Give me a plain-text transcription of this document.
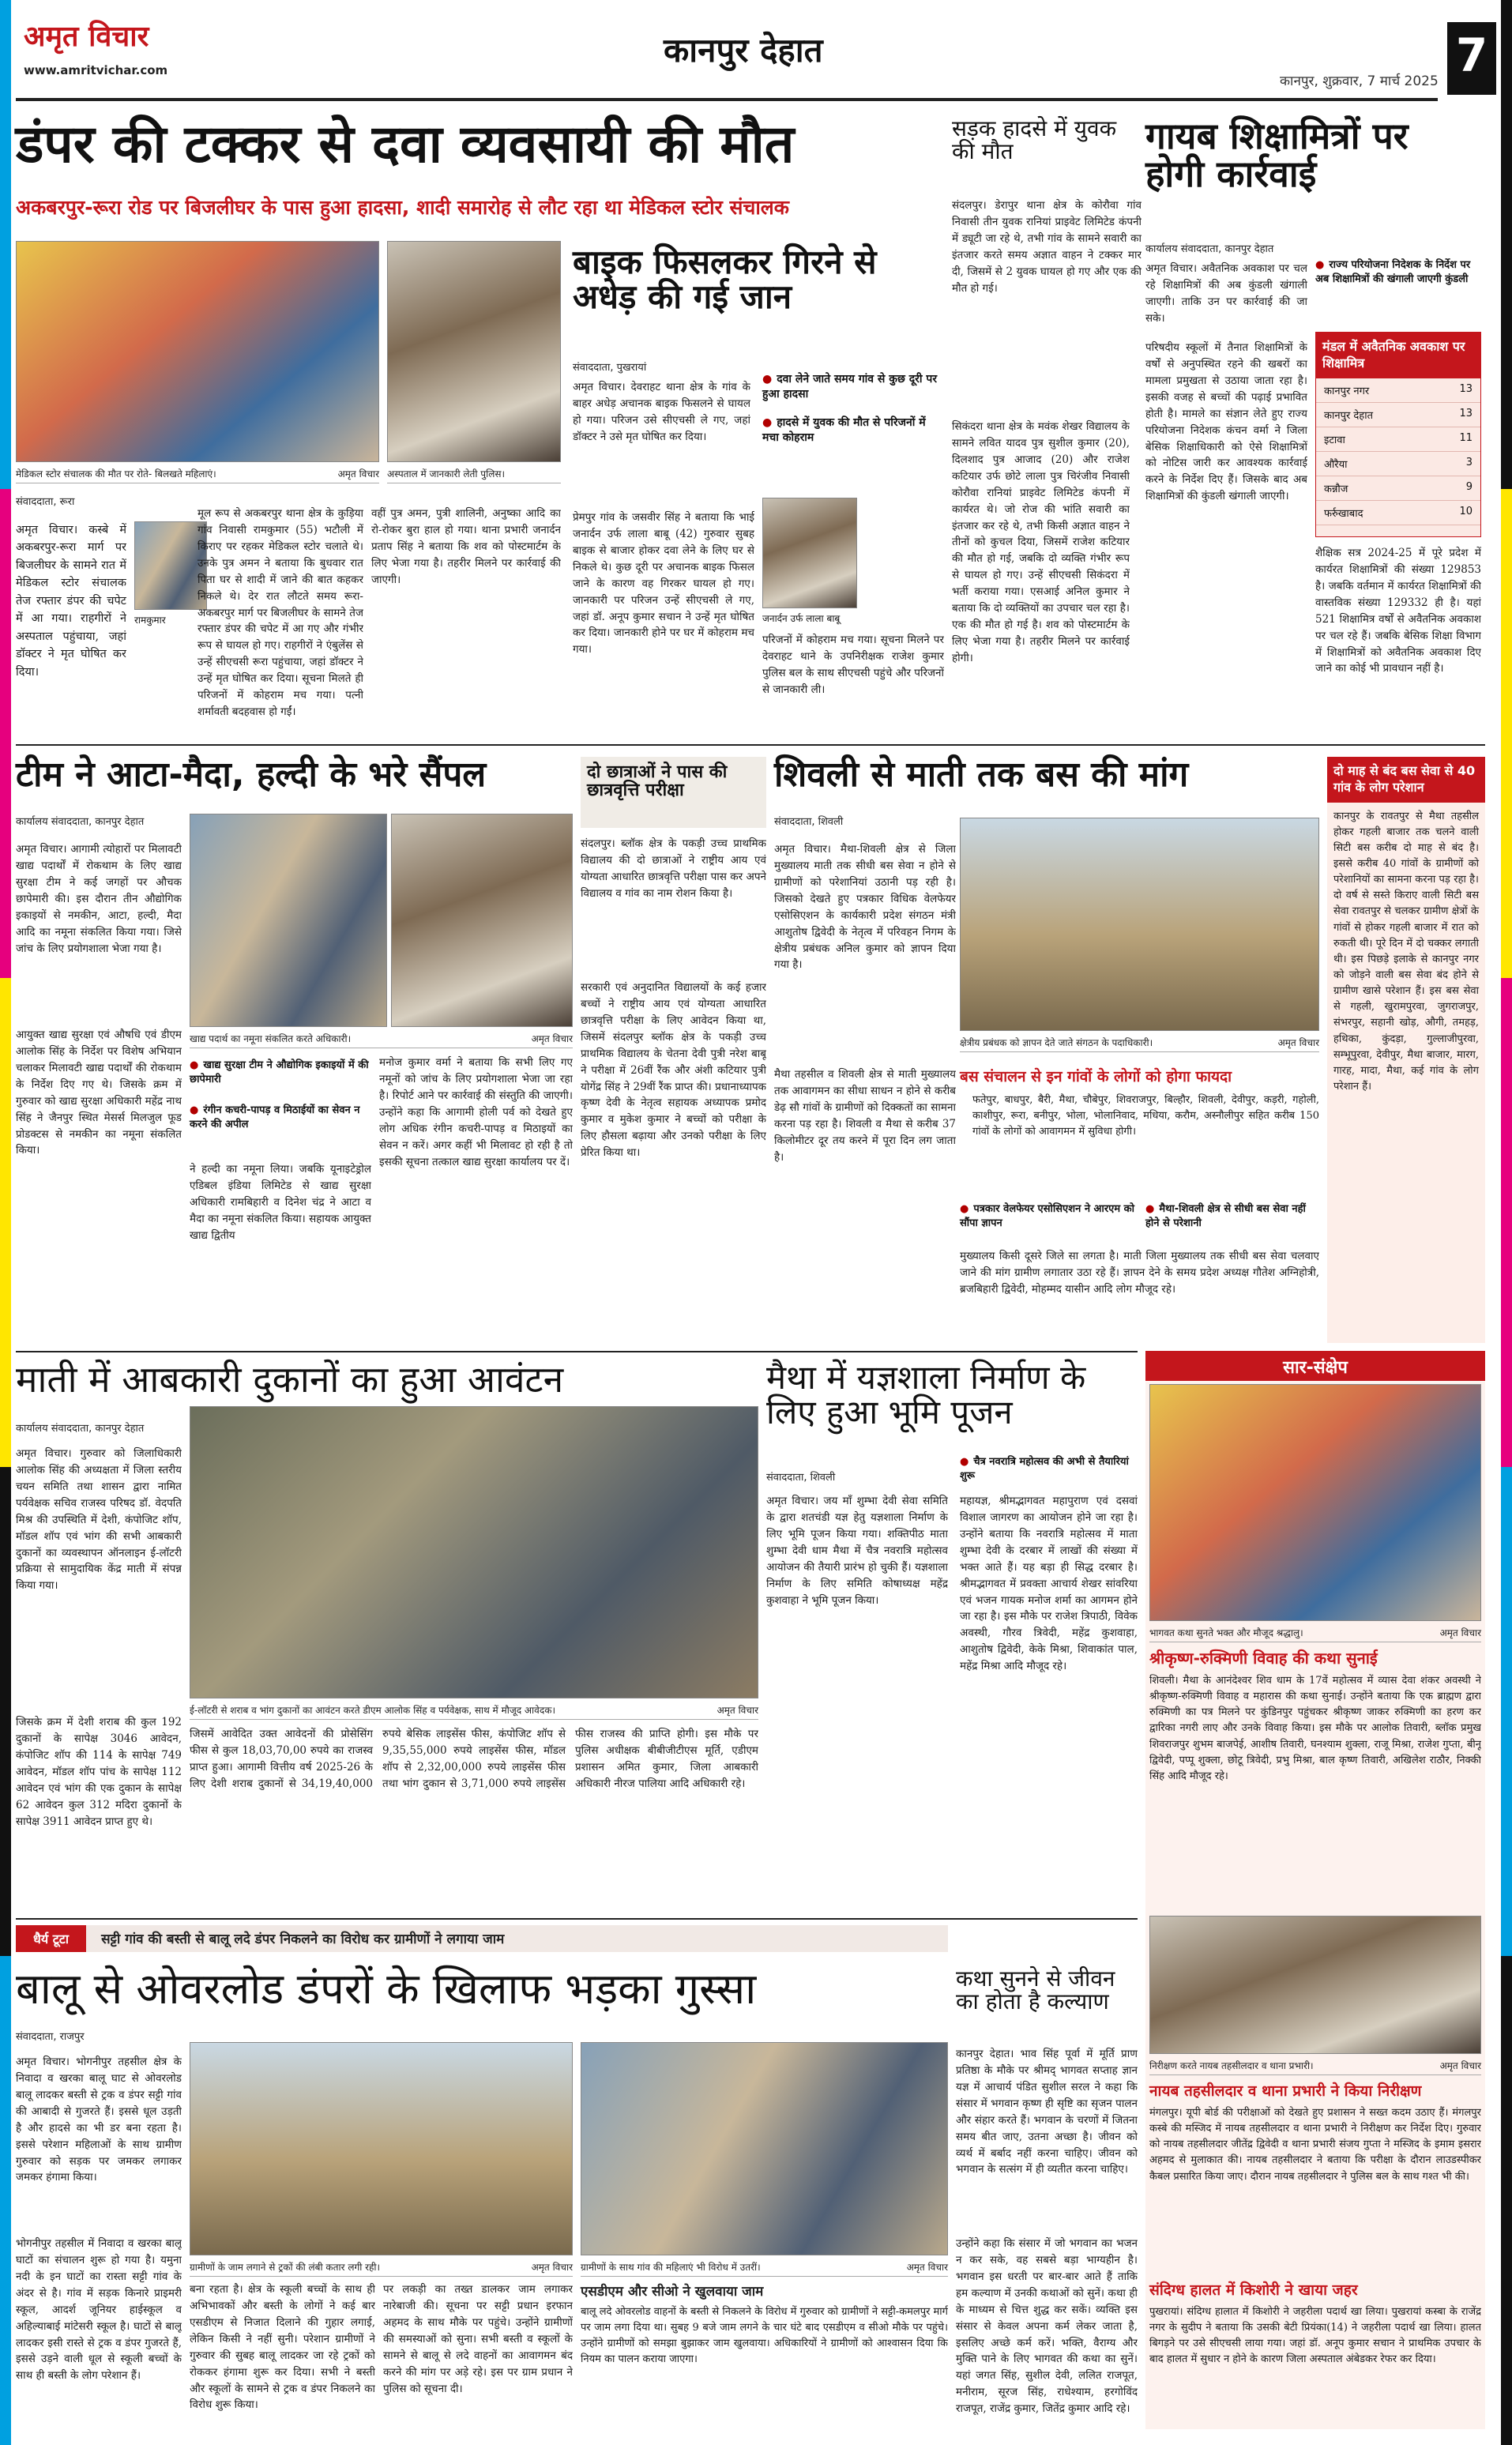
अमृत विचार
www.amritvichar.com
कानपुर देहात
कानपुर, शुक्रवार, 7 मार्च 2025 7
डंपर की टक्कर से दवा व्यवसायी की मौत
अकबरपुर-रूरा रोड पर बिजलीघर के पास हुआ हादसा, शादी समारोह से लौट रहा था मेडिकल स्टोर संचालक
मेडिकल स्टोर संचालक की मौत पर रोते- बिलखते महिलाएं।	अमृत विचार अस्पताल में जानकारी लेती पुलिस।
संवाददाता, रूरा
रामकुमार
अमृत विचार। कस्बे में अकबरपुर-रूरा मार्ग पर बिजलीघर के सामने रात में मेडिकल स्टोर संचालक तेज रफ्तार डंपर की चपेट में आ गया। राहगीरों ने अस्पताल पहुंचाया, जहां डॉक्टर ने मृत घोषित कर दिया।
मूल रूप से अकबरपुर थाना क्षेत्र के कुड़िया गांव निवासी रामकुमार (55) भटौली में किराए पर रहकर मेडिकल स्टोर चलाते थे। उनके पुत्र अमन ने बताया कि बुधवार रात पिता घर से शादी में जाने की बात कहकर निकले थे। देर रात लौटते समय रूरा-अकबरपुर मार्ग पर बिजलीघर के सामने तेज रफ्तार डंपर की चपेट में आ गए और गंभीर रूप से घायल हो गए। राहगीरों ने एंबुलेंस से उन्हें सीएचसी रूरा पहुंचाया, जहां डॉक्टर ने उन्हें मृत घोषित कर दिया। सूचना मिलते ही परिजनों में कोहराम मच गया। पत्नी शर्मावती बदहवास हो गईं।
वहीं पुत्र अमन, पुत्री शालिनी, अनुष्का आदि का रो-रोकर बुरा हाल हो गया। थाना प्रभारी जनार्दन प्रताप सिंह ने बताया कि शव को पोस्टमार्टम के लिए भेजा गया है। तहरीर मिलने पर कार्रवाई की जाएगी।
बाइक फिसलकर गिरने से अधेड़ की गई जान
संवाददाता, पुखरायां
● दवा लेने जाते समय गांव से कुछ दूरी पर हुआ हादसा
अमृत विचार। देवराहट थाना क्षेत्र के गांव के बाहर अधेड़ अचानक बाइक फिसलने से घायल हो गया। परिजन उसे सीएचसी ले गए, जहां डॉक्टर ने उसे मृत घोषित कर दिया।
जनार्दन उर्फ लाला बाबू
प्रेमपुर गांव के जसवीर सिंह ने बताया कि भाई जनार्दन उर्फ लाला बाबू (42) गुरुवार सुबह बाइक से बाजार होकर दवा लेने के लिए घर से निकले थे। कुछ दूरी पर अचानक बाइक फिसल जाने के कारण वह गिरकर घायल हो गए। जानकारी पर परिजन उन्हें सीएचसी ले गए, जहां डॉ. अनूप कुमार सचान ने उन्हें मृत घोषित कर दिया। जानकारी होने पर घर में कोहराम मच गया।
परिजनों में कोहराम मच गया। सूचना मिलने पर देवराहट थाने के उपनिरीक्षक राजेश कुमार पुलिस बल के साथ सीएचसी पहुंचे और परिजनों से जानकारी ली।
सड़क हादसे में युवक की मौत
● हादसे में युवक की मौत से परिजनों में मचा कोहराम
संदलपुर। डेरापुर थाना क्षेत्र के कोरौवा गांव निवासी तीन युवक रानियां प्राइवेट लिमिटेड कंपनी में ड्यूटी जा रहे थे, तभी गांव के सामने सवारी का इंतजार करते समय अज्ञात वाहन ने टक्कर मार दी, जिसमें से 2 युवक घायल हो गए और एक की मौत हो गई।
सिकंदरा थाना क्षेत्र के मवंक शेखर विद्यालय के सामने लवित यादव पुत्र सुशील कुमार (20), दिलशाद पुत्र आजाद (20) और राजेश कटियार उर्फ छोटे लाला पुत्र चिरंजीव निवासी कोरौवा रानियां प्राइवेट लिमिटेड कंपनी में कार्यरत थे। जो रोज की भांति सवारी का इंतजार कर रहे थे, तभी किसी अज्ञात वाहन ने तीनों को कुचल दिया, जिसमें राजेश कटियार की मौत हो गई, जबकि दो व्यक्ति गंभीर रूप से घायल हो गए। उन्हें सीएचसी सिकंदरा में भर्ती कराया गया। एसआई अनिल कुमार ने बताया कि दो व्यक्तियों का उपचार चल रहा है। एक की मौत हो गई है। शव को पोस्टमार्टम के लिए भेजा गया है। तहरीर मिलने पर कार्रवाई होगी।
गायब शिक्षामित्रों पर होगी कार्रवाई
कार्यालय संवाददाता, कानपुर देहात
● राज्य परियोजना निदेशक के निर्देश पर अब शिक्षामित्रों की खंगाली जाएगी कुंडली
अमृत विचार। अवैतनिक अवकाश पर चल रहे शिक्षामित्रों की अब कुंडली खंगाली जाएगी। ताकि उन पर कार्रवाई की जा सके।
परिषदीय स्कूलों में तैनात शिक्षामित्रों के वर्षों से अनुपस्थित रहने की खबरों का मामला प्रमुखता से उठाया जाता रहा है। इसकी वजह से बच्चों की पढ़ाई प्रभावित होती है। मामले का संज्ञान लेते हुए राज्य परियोजना निदेशक कंचन वर्मा ने जिला बेसिक शिक्षाधिकारी को ऐसे शिक्षामित्रों को नोटिस जारी कर आवश्यक कार्रवाई करने के निर्देश दिए हैं। जिसके बाद अब शिक्षामित्रों की कुंडली खंगाली जाएगी।
मंडल में अवैतनिक अवकाश पर शिक्षामित्र
कानपुर नगर	13
कानपुर देहात	13
इटावा	11
औरैया	3
कन्नौज	9
फर्रुखाबाद	10
शैक्षिक सत्र 2024-25 में पूरे प्रदेश में कार्यरत शिक्षामित्रों की संख्या 129853 है। जबकि वर्तमान में कार्यरत शिक्षामित्रों की वास्तविक संख्या 129332 ही है। यहां 521 शिक्षामित्र वर्षों से अवैतनिक अवकाश पर चल रहे हैं। जबकि बेसिक शिक्षा विभाग में शिक्षामित्रों को अवैतनिक अवकाश दिए जाने का कोई भी प्रावधान नहीं है।
टीम ने आटा-मैदा, हल्दी के भरे सैंपल
कार्यालय संवाददाता, कानपुर देहात
अमृत विचार। आगामी त्योहारों पर मिलावटी खाद्य पदार्थों में रोकथाम के लिए खाद्य सुरक्षा टीम ने कई जगहों पर औचक छापेमारी की। इस दौरान तीन औद्योगिक इकाइयों से नमकीन, आटा, हल्दी, मैदा आदि का नमूना संकलित किया गया। जिसे जांच के लिए प्रयोगशाला भेजा गया है।
आयुक्त खाद्य सुरक्षा एवं औषधि एवं डीएम आलोक सिंह के निर्देश पर विशेष अभियान चलाकर मिलावटी खाद्य पदार्थों की रोकथाम के निर्देश दिए गए थे। जिसके क्रम में गुरुवार को खाद्य सुरक्षा अधिकारी महेंद्र नाथ सिंह ने जैनपुर स्थित मेसर्स मिलजुल फूड प्रोडक्टस से नमकीन का नमूना संकलित किया।
खाद्य पदार्थ का नमूना संकलित करते अधिकारी।	अमृत विचार
● खाद्य सुरक्षा टीम ने औद्योगिक इकाइयों में की छापेमारी
● रंगीन कचरी-पापड़ व मिठाईयों का सेवन न करने की अपील
ने हल्दी का नमूना लिया। जबकि यूनाइटेड्रोल एडिबल इंडिया लिमिटेड से खाद्य सुरक्षा अधिकारी रामबिहारी व दिनेश चंद्र ने आटा व मैदा का नमूना संकलित किया। सहायक आयुक्त खाद्य द्वितीय
मनोज कुमार वर्मा ने बताया कि सभी लिए गए नमूनों को जांच के लिए प्रयोगशाला भेजा जा रहा है। रिपोर्ट आने पर कार्रवाई की संस्तुति की जाएगी। उन्होंने कहा कि आगामी होली पर्व को देखते हुए लोग अधिक रंगीन कचरी-पापड़ व मिठाइयों का सेवन न करें। अगर कहीं भी मिलावट हो रही है तो इसकी सूचना तत्काल खाद्य सुरक्षा कार्यालय पर दें।
दो छात्राओं ने पास की छात्रवृत्ति परीक्षा
संदलपुर। ब्लॉक क्षेत्र के पकड़ी उच्च प्राथमिक विद्यालय की दो छात्राओं ने राष्ट्रीय आय एवं योग्यता आधारित छात्रवृत्ति परीक्षा पास कर अपने विद्यालय व गांव का नाम रोशन किया है।
सरकारी एवं अनुदानित विद्यालयों के कई हजार बच्चों ने राष्ट्रीय आय एवं योग्यता आधारित छात्रवृत्ति परीक्षा के लिए आवेदन किया था, जिसमें संदलपुर ब्लॉक क्षेत्र के पकड़ी उच्च प्राथमिक विद्यालय के चेतना देवी पुत्री नरेश बाबू ने परीक्षा में 26वीं रैंक और अंशी कटियार पुत्री योगेंद्र सिंह ने 29वीं रैंक प्राप्त की। प्रधानाध्यापक कृष्ण देवी के नेतृत्व सहायक अध्यापक प्रमोद कुमार व मुकेश कुमार ने बच्चों को परीक्षा के लिए हौसला बढ़ाया और उनको परीक्षा के लिए प्रेरित किया था।
शिवली से माती तक बस की मांग
संवाददाता, शिवली
अमृत विचार। मैथा-शिवली क्षेत्र से जिला मुख्यालय माती तक सीधी बस सेवा न होने से ग्रामीणों को परेशानियां उठानी पड़ रही है। जिसको देखते हुए पत्रकार विधिक वेलफेयर एसोसिएशन के कार्यकारी प्रदेश संगठन मंत्री आशुतोष द्विवेदी के नेतृत्व में परिवहन निगम के क्षेत्रीय प्रबंधक अनिल कुमार को ज्ञापन दिया गया है।
क्षेत्रीय प्रबंधक को ज्ञापन देते जाते संगठन के पदाधिकारी।	अमृत विचार
मैथा तहसील व शिवली क्षेत्र से माती मुख्यालय तक आवागमन का सीधा साधन न होने से करीब डेढ़ सौ गांवों के ग्रामीणों को दिक्कतों का सामना करना पड़ रहा है। शिवली व मैथा से करीब 37 किलोमीटर दूर तय करने में पूरा दिन लग जाता है।
बस संचालन से इन गांवों के लोगों को होगा फायदा
फतेपुर, बाधपुर, बैरी, मैथा, चौबेपुर, शिवराजपुर, बिल्हौर, शिवली, देवीपुर, कड़री, गहोली, काशीपुर, रूरा, बनीपुर, भोला, भोलानिवाद, मधिया, करौम, अस्नौलीपुर सहित करीब 150 गांवों के लोगों को आवागमन में सुविधा होगी।
● पत्रकार वेलफेयर एसोसिएशन ने आरएम को सौंपा ज्ञापन
● मैथा-शिवली क्षेत्र से सीधी बस सेवा नहीं होने से परेशानी
मुख्यालय किसी दूसरे जिले सा लगता है। माती जिला मुख्यालय तक सीधी बस सेवा चलवाए जाने की मांग ग्रामीण लगातार उठा रहे हैं। ज्ञापन देने के समय प्रदेश अध्यक्ष गौतेश अग्निहोत्री, ब्रजबिहारी द्विवेदी, मोहम्मद यासीन आदि लोग मौजूद रहे।
दो माह से बंद बस सेवा से 40 गांव के लोग परेशान
कानपुर के रावतपुर से मैथा तहसील होकर गहली बाजार तक चलने वाली सिटी बस करीब दो माह से बंद है। इससे करीब 40 गांवों के ग्रामीणों को परेशानियों का सामना करना पड़ रहा है। दो वर्ष से सस्ते किराए वाली सिटी बस सेवा रावतपुर से चलकर ग्रामीण क्षेत्रों के गांवों से होकर गहली बाजार में रात को रुकती थी। पूरे दिन में दो चक्कर लगाती थी। इस पिछड़े इलाके से कानपुर नगर को जोड़ने वाली बस सेवा बंद होने से ग्रामीण खासे परेशान हैं। इस बस सेवा से गहली, खुरामपुरवा, जुगराजपुर, संभरपुर, सहानी खोड़, औगी, तमहड़, हथिका, कुंदड़ा, गुल्लाजीपुरवा, सम्भूपुरवा, देवीपुर, मैथा बाजार, मारग, गारह, मादा, मैथा, कई गांव के लोग परेशान हैं।
माती में आबकारी दुकानों का हुआ आवंटन
कार्यालय संवाददाता, कानपुर देहात
अमृत विचार। गुरुवार को जिलाधिकारी आलोक सिंह की अध्यक्षता में जिला स्तरीय चयन समिति तथा शासन द्वारा नामित पर्यवेक्षक सचिव राजस्व परिषद डॉ. वेदपति मिश्र की उपस्थिति में देशी, कंपोजिट शॉप, मॉडल शॉप एवं भांग की सभी आबकारी दुकानों का व्यवस्थापन ऑनलाइन ई-लॉटरी प्रक्रिया से सामुदायिक केंद्र माती में संपन्न किया गया।
ई-लॉटरी से शराब व भांग दुकानों का आवंटन करते डीएम आलोक सिंह व पर्यवेक्षक, साथ में मौजूद आवेदक।	अमृत विचार
जिसके क्रम में देशी शराब की कुल 192 दुकानों के सापेक्ष 3046 आवेदन, कंपोजिट शॉप की 114 के सापेक्ष 749 आवेदन, मॉडल शॉप पांच के सापेक्ष 112 आवेदन एवं भांग की एक दुकान के सापेक्ष 62 आवेदन कुल 312 मदिरा दुकानों के सापेक्ष 3911 आवेदन प्राप्त हुए थे।
जिसमें आवेदित उक्त आवेदनों की प्रोसेसिंग फीस से कुल 18,03,70,00 रुपये का राजस्व प्राप्त हुआ। आगामी वित्तीय वर्ष 2025-26 के लिए देशी शराब दुकानों से 34,19,40,000 रुपये बेसिक लाइसेंस फीस, कंपोजिट शॉप से 9,35,55,000 रुपये लाइसेंस फीस, मॉडल शॉप से 2,32,00,000 रुपये लाइसेंस फीस तथा भांग दुकान से 3,71,000 रुपये लाइसेंस फीस राजस्व की प्राप्ति होगी। इस मौके पर पुलिस अधीक्षक बीबीजीटीएस मूर्ति, एडीएम प्रशासन अमित कुमार, जिला आबकारी अधिकारी नीरज पालिया आदि अधिकारी रहे।
मैथा में यज्ञशाला निर्माण के लिए हुआ भूमि पूजन
संवाददाता, शिवली
● चैत्र नवरात्रि महोत्सव की अभी से तैयारियां शुरू
अमृत विचार। जय माँ शुम्भा देवी सेवा समिति के द्वारा शतचंडी यज्ञ हेतु यज्ञशाला निर्माण के लिए भूमि पूजन किया गया। शक्तिपीठ माता शुम्भा देवी धाम मैथा में चैत्र नवरात्रि महोत्सव आयोजन की तैयारी प्रारंभ हो चुकी हैं। यज्ञशाला निर्माण के लिए समिति कोषाध्यक्ष महेंद्र कुशवाहा ने भूमि पूजन किया।
महायज्ञ, श्रीमद्भागवत महापुराण एवं दसवां विशाल जागरण का आयोजन होने जा रहा है। उन्होंने बताया कि नवरात्रि महोत्सव में माता शुम्भा देवी के दरबार में लाखों की संख्या में भक्त आते हैं। यह बड़ा ही सिद्ध दरबार है। श्रीमद्भागवत में प्रवक्ता आचार्य शेखर सांवरिया एवं भजन गायक मनोज शर्मा का आगमन होने जा रहा है। इस मौके पर राजेश त्रिपाठी, विवेक अवस्थी, गौरव त्रिवेदी, महेंद्र कुशवाहा, आशुतोष द्विवेदी, केके मिश्रा, शिवाकांत पाल, महेंद्र मिश्रा आदि मौजूद रहे।
सार-संक्षेप
भागवत कथा सुनते भक्त और मौजूद श्रद्धालु।	अमृत विचार
श्रीकृष्ण-रुक्मिणी विवाह की कथा सुनाई
शिवली। मैथा के आनंदेश्वर शिव धाम के 17वें महोत्सव में व्यास देवा शंकर अवस्थी ने श्रीकृष्ण-रुक्मिणी विवाह व महारास की कथा सुनाई। उन्होंने बताया कि एक ब्राह्मण द्वारा रुक्मिणी का पत्र मिलने पर कुंडिनपुर पहुंचकर श्रीकृष्ण जाकर रुक्मिणी का हरण कर द्वारिका नगरी लाए और उनके विवाह किया। इस मौके पर आलोक तिवारी, ब्लॉक प्रमुख शिवराजपुर शुभम बाजपेई, आशीष तिवारी, घनश्याम शुक्ला, राजू मिश्रा, राजेश गुप्ता, बीनू द्विवेदी, पप्पू शुक्ला, छोटू त्रिवेदी, प्रभु मिश्रा, बाल कृष्ण तिवारी, अखिलेश राठौर, निक्की सिंह आदि मौजूद रहे।
निरीक्षण करते नायब तहसीलदार व थाना प्रभारी।	अमृत विचार
नायब तहसीलदार व थाना प्रभारी ने किया निरीक्षण
मंगलपुर। यूपी बोर्ड की परीक्षाओं को देखते हुए प्रशासन ने सख्त कदम उठाए हैं। मंगलपुर कस्बे की मस्जिद में नायब तहसीलदार व थाना प्रभारी ने निरीक्षण कर निर्देश दिए। गुरुवार को नायब तहसीलदार जीतेंद्र द्विवेदी व थाना प्रभारी संजय गुप्ता ने मस्जिद के इमाम इसरार अहमद से मुलाकात की। नायब तहसीलदार ने बताया कि परीक्षा के दौरान लाउडस्पीकर कैबल प्रसारित किया जाए। दौरान नायब तहसीलदार ने पुलिस बल के साथ गश्त भी की।
संदिग्ध हालत में किशोरी ने खाया जहर
पुखरायां। संदिग्ध हालात में किशोरी ने जहरीला पदार्थ खा लिया। पुखरायां कस्बा के राजेंद्र नगर के सुदीप ने बताया कि उसकी बेटी प्रियंका(14) ने जहरीला पदार्थ खा लिया। हालत बिगड़ने पर उसे सीएचसी लाया गया। जहां डॉ. अनूप कुमार सचान ने प्राथमिक उपचार के बाद हालत में सुधार न होने के कारण जिला अस्पताल अंबेडकर रेफर कर दिया।
धैर्य टूटा सट्टी गांव की बस्ती से बालू लदे डंपर निकलने का विरोध कर ग्रामीणों ने लगाया जाम
बालू से ओवरलोड डंपरों के खिलाफ भड़का गुस्सा
संवाददाता, राजपुर
अमृत विचार। भोगनीपुर तहसील क्षेत्र के निवादा व खरका बालू घाट से ओवरलोड बालू लादकर बस्ती से ट्रक व डंपर सट्टी गांव की आबादी से गुजरते हैं। इससे धूल उड़ती है और हादसे का भी डर बना रहता है। इससे परेशान महिलाओं के साथ ग्रामीण गुरुवार को सड़क पर जमकर लगाकर जमकर हंगामा किया।
भोगनीपुर तहसील में निवादा व खरका बालू घाटों का संचालन शुरू हो गया है। यमुना नदी के इन घाटों का रास्ता सट्टी गांव के अंदर से है। गांव में सड़क किनारे प्राइमरी स्कूल, आदर्श जूनियर हाईस्कूल व अहिल्याबाई मांटेसरी स्कूल है। घाटों से बालू लादकर इसी रास्ते से ट्रक व डंपर गुजरते हैं, इससे उड़ने वाली धूल से स्कूली बच्चों के साथ ही बस्ती के लोग परेशान हैं।
ग्रामीणों के जाम लगाने से ट्रकों की लंबी कतार लगी रही।	अमृत विचार ग्रामीणों के साथ गांव की महिलाएं भी विरोध में उतरीं।	अमृत विचार
बना रहता है। क्षेत्र के स्कूली बच्चों के साथ ही अभिभावकों और बस्ती के लोगों ने कई बार एसडीएम से निजात दिलाने की गुहार लगाई, लेकिन किसी ने नहीं सुनी। परेशान ग्रामीणों ने गुरुवार की सुबह बालू लादकर जा रहे ट्रकों को रोककर हंगामा शुरू कर दिया। सभी ने बस्ती और स्कूलों के सामने से ट्रक व डंपर निकलने का विरोध शुरू किया।
पर लकड़ी का तख्त डालकर जाम लगाकर नारेबाजी की। सूचना पर सट्टी प्रधान इरफान अहमद के साथ मौके पर पहुंचे। उन्होंने ग्रामीणों की समस्याओं को सुना। सभी बस्ती व स्कूलों के सामने से बालू से लदे वाहनों का आवागमन बंद करने की मांग पर अड़े रहे। इस पर ग्राम प्रधान ने पुलिस को सूचना दी।
एसडीएम और सीओ ने खुलवाया जाम
बालू लदे ओवरलोड वाहनों के बस्ती से निकलने के विरोध में गुरुवार को ग्रामीणों ने सट्टी-कमलपुर मार्ग पर जाम लगा दिया था। सुबह 9 बजे जाम लगने के चार घंटे बाद एसडीएम व सीओ मौके पर पहुंचे। उन्होंने ग्रामीणों को समझा बुझाकर जाम खुलवाया। अधिकारियों ने ग्रामीणों को आश्वासन दिया कि नियम का पालन कराया जाएगा।
कथा सुनने से जीवन का होता है कल्याण
कानपुर देहात। भाव सिंह पूर्वा में मूर्ति प्राण प्रतिष्ठा के मौके पर श्रीमद् भागवत सप्ताह ज्ञान यज्ञ में आचार्य पंडित सुशील सरल ने कहा कि संसार में भगवान कृष्ण ही सृष्टि का सृजन पालन और संहार करते हैं। भगवान के चरणों में जितना समय बीत जाए, उतना अच्छा है। जीवन को व्यर्थ में बर्बाद नहीं करना चाहिए। जीवन को भगवान के सत्संग में ही व्यतीत करना चाहिए।
उन्होंने कहा कि संसार में जो भगवान का भजन न कर सके, वह सबसे बड़ा भाग्यहीन है। भगवान इस धरती पर बार-बार आते हैं ताकि हम कल्याण में उनकी कथाओं को सुनें। कथा ही के माध्यम से चित्त शुद्ध कर सकें। व्यक्ति इस संसार से केवल अपना कर्म लेकर जाता है, इसलिए अच्छे कर्म करें। भक्ति, वैराग्य और मुक्ति पाने के लिए भागवत की कथा का सुनें। यहां जगत सिंह, सुशील देवी, ललित राजपूत, मनीराम, सूरज सिंह, राधेश्याम, हरगोविंद राजपूत, राजेंद्र कुमार, जितेंद्र कुमार आदि रहे।
